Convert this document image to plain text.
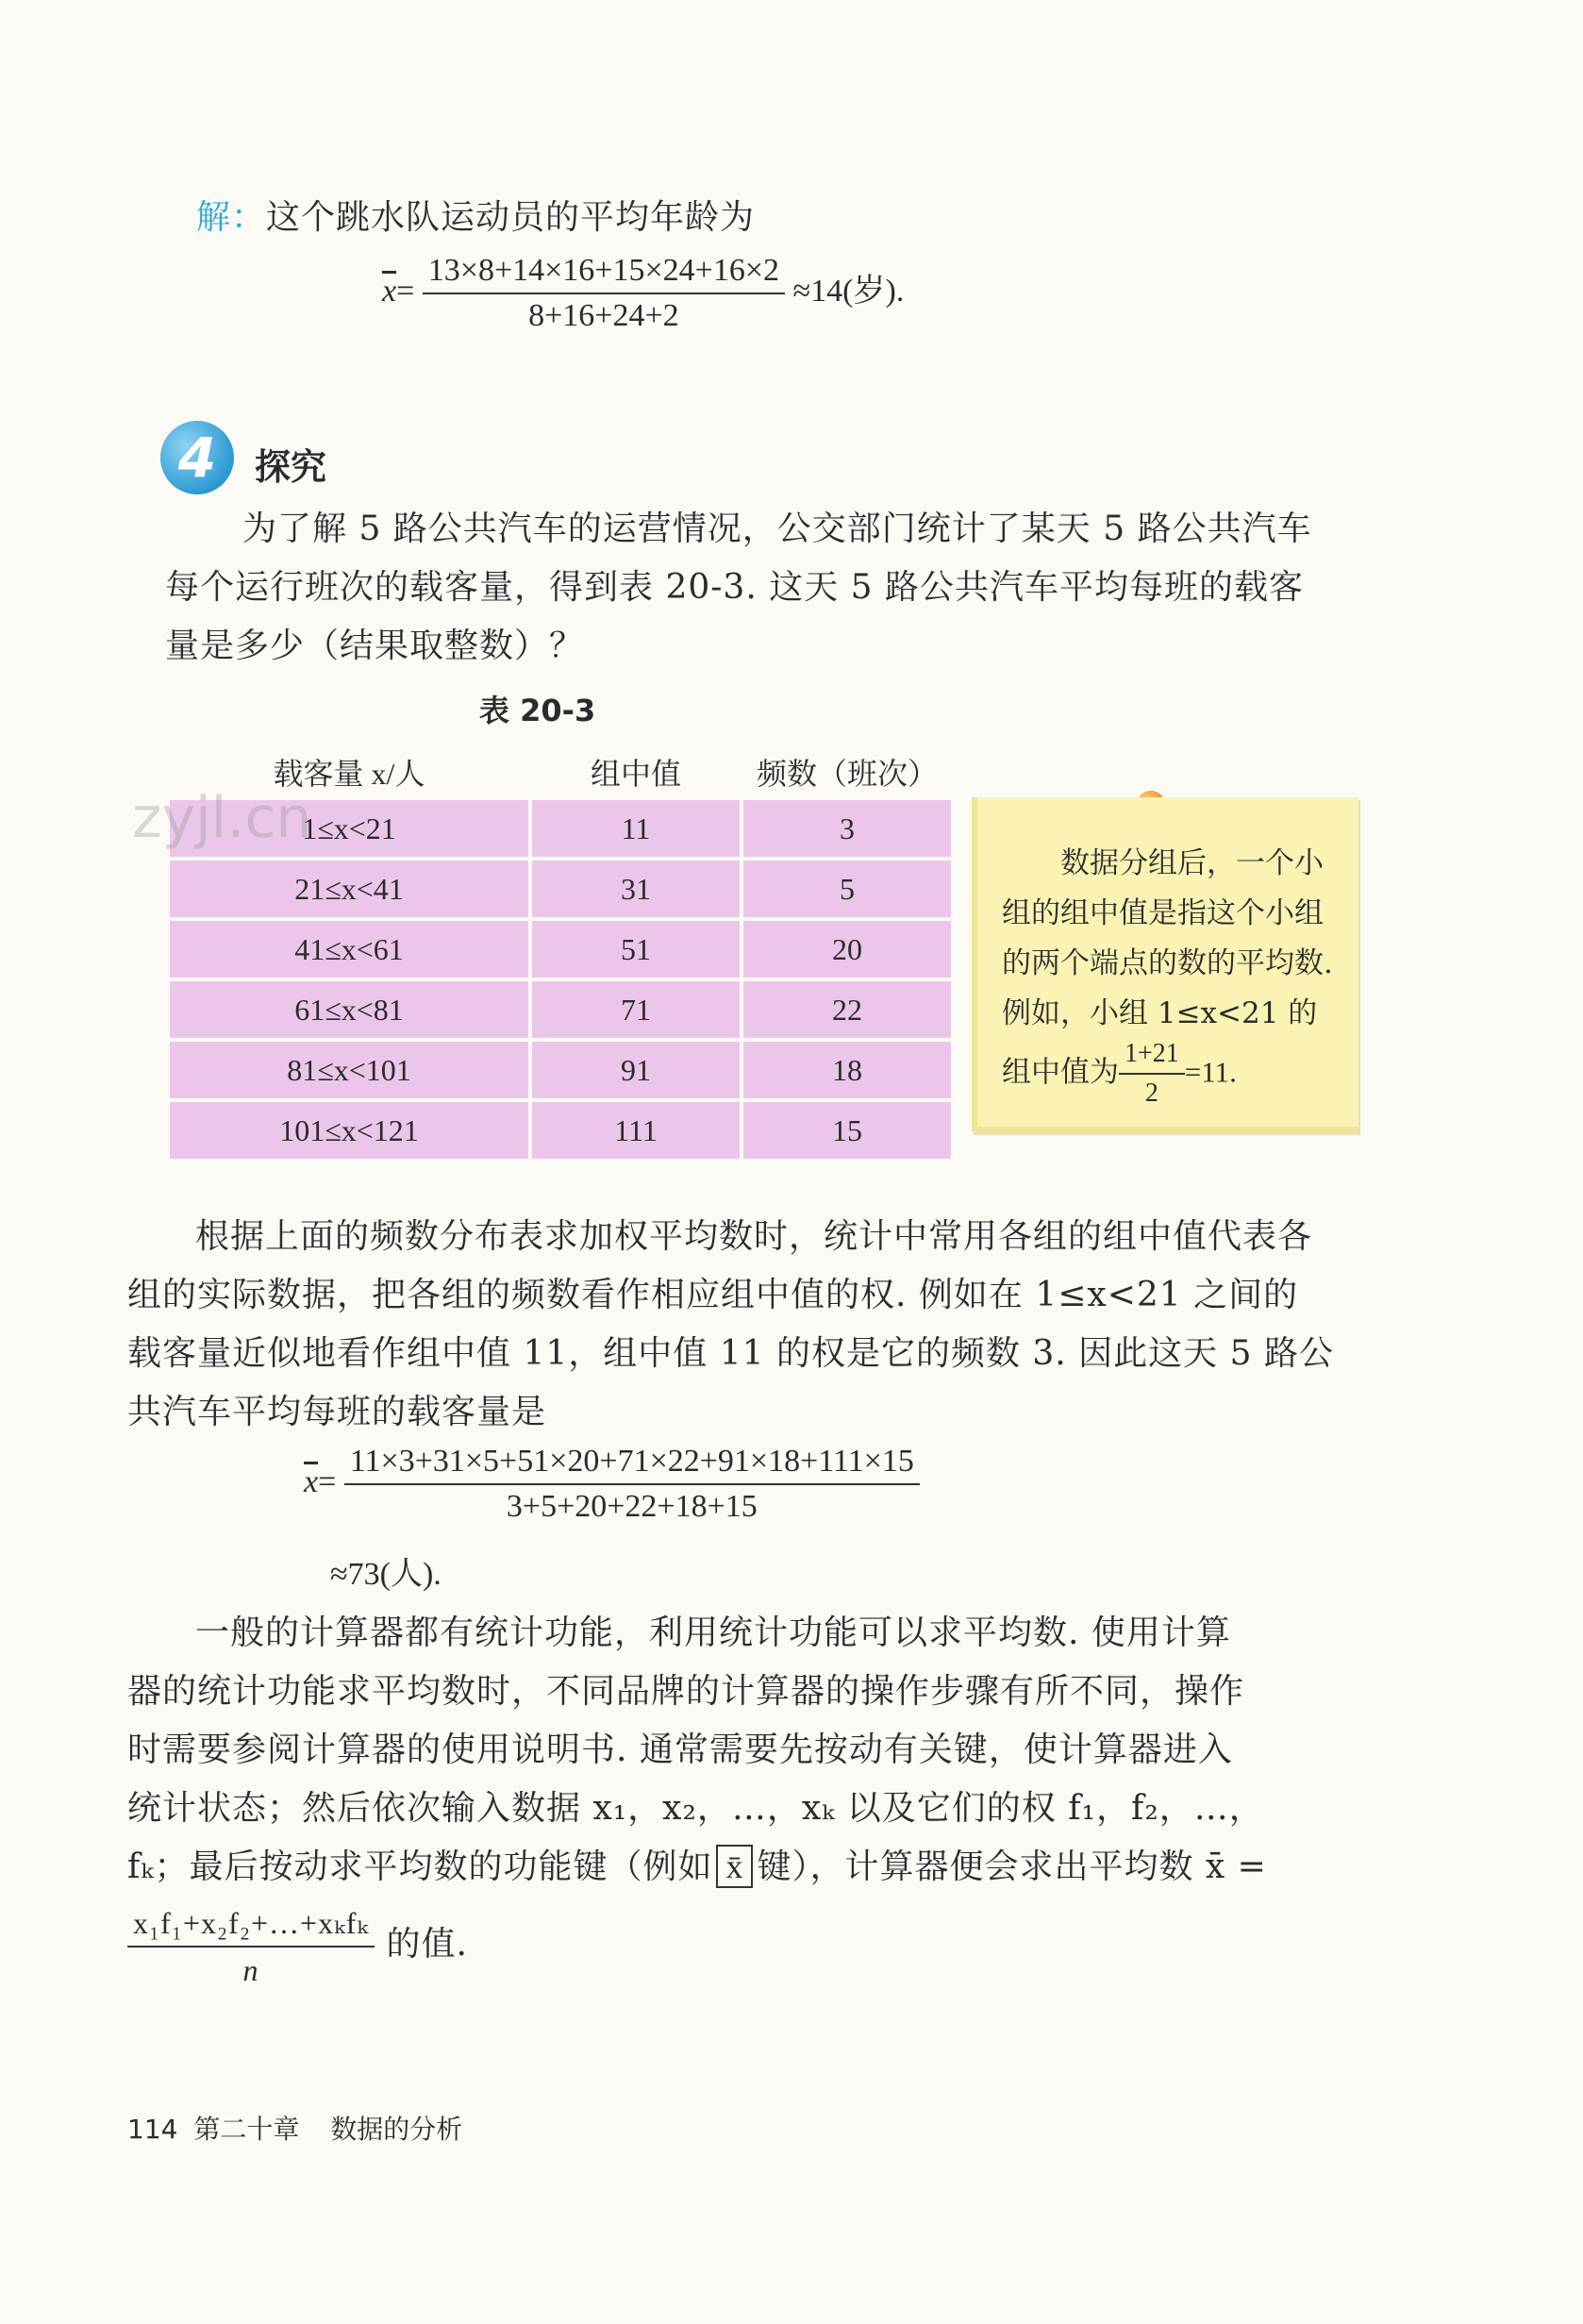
解：这个跳水队运动员的平均年龄为
$\overline{x}= \frac{13\times 8+14\times 16+15\times 24+16\times 2}{8+16+24+2} \approx 14$(岁).
4	探究
为了解 5 路公共汽车的运营情况，公交部门统计了某天 5 路公共汽车
每个运行班次的载客量，得到表 20-3. 这天 5 路公共汽车平均每班的载客
量是多少（结果取整数）？
表 20-3
载客量 x/人	组中值	频数（班次）
1≤x<21	11	3
21≤x<41	31	5
41≤x<61	51	20
61≤x<81	71	22
81≤x<101	91	18
101≤x<121	111	15
zyjl.cn
数据分组后，一个小
组的组中值是指这个小组
的两个端点的数的平均数.
例如，小组 1≤x<21 的
组中值为 $\frac{1+21}{2} =11$.
根据上面的频数分布表求加权平均数时，统计中常用各组的组中值代表各
组的实际数据，把各组的频数看作相应组中值的权. 例如在 1≤x<21 之间的
载客量近似地看作组中值 11，组中值 11 的权是它的频数 3. 因此这天 5 路公
共汽车平均每班的载客量是
$\overline{x}= \frac{11\times 3+31\times 5+51\times 20+71\times 22+91\times 18+111\times 15}{3+5+20+22+18+15}$
≈73(人).
一般的计算器都有统计功能，利用统计功能可以求平均数. 使用计算
器的统计功能求平均数时，不同品牌的计算器的操作步骤有所不同，操作
时需要参阅计算器的使用说明书. 通常需要先按动有关键，使计算器进入
统计状态；然后依次输入数据 x₁，x₂，…，xₖ 以及它们的权 f₁，f₂，…，
fₖ；最后按动求平均数的功能键（例如 x̄ 键），计算器便会求出平均数 x̄ =
$\frac{\text{x₁f₁+x₂f₂+…+xₖfₖ}}{n}$ 的值.
114 第二十章 数据的分析
